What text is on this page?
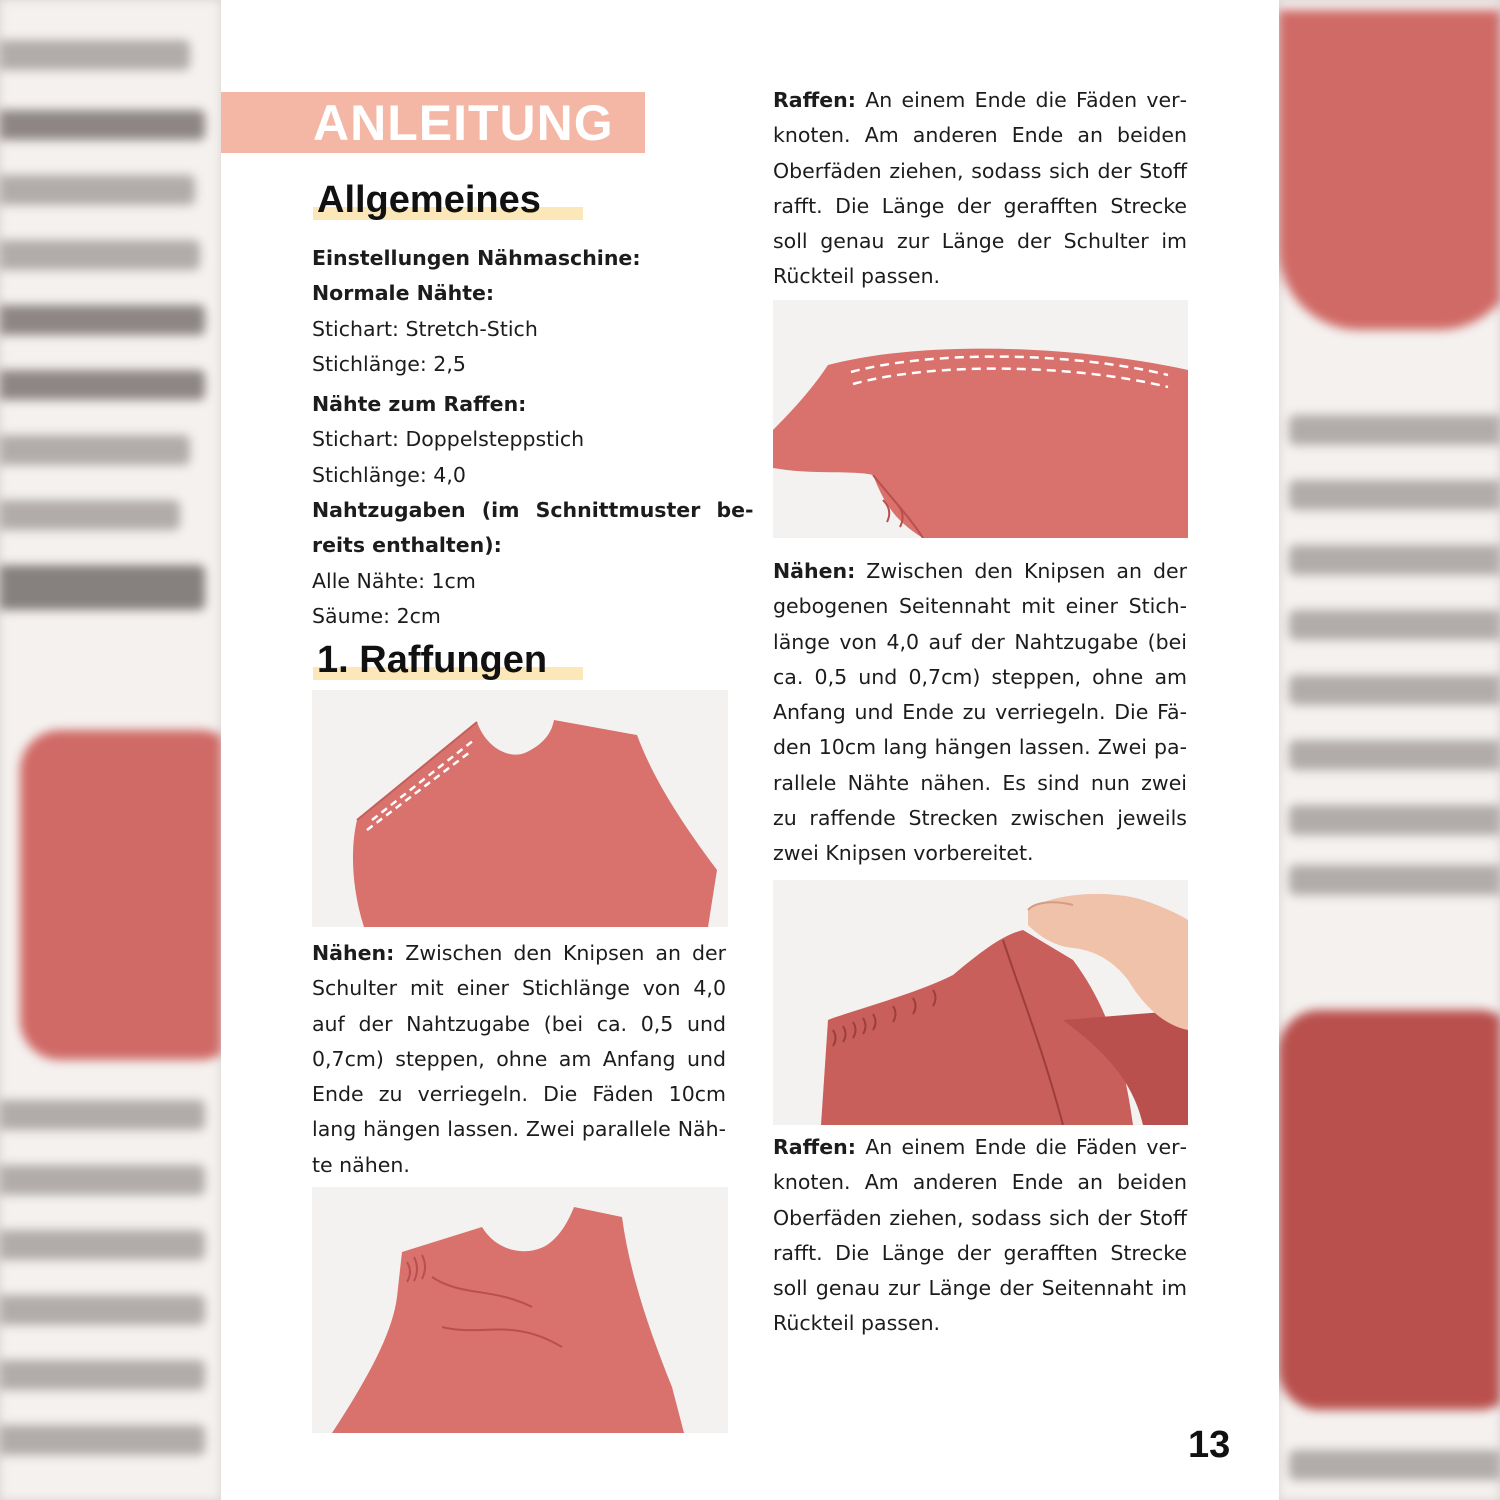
ANLEITUNG
Allgemeines
Einstellungen Nähmaschine:
Normale Nähte:
Stichart: Stretch-Stich
Stichlänge: 2,5
Nähte zum Raffen:
Stichart: Doppelsteppstich
Stichlänge: 4,0
Nahtzugaben (im Schnittmuster be-
reits enthalten):
Alle Nähte: 1cm
Säume: 2cm
1. Raffungen
Nähen: Zwischen den Knipsen an der Schulter mit einer Stichlänge von 4,0 auf der Nahtzugabe (bei ca. 0,5 und 0,7cm) steppen, ohne am Anfang und Ende zu verriegeln. Die Fäden 10cm lang hängen lassen. Zwei parallele Nähte nähen.
Raffen: An einem Ende die Fäden verknoten. Am anderen Ende an beiden Oberfäden ziehen, sodass sich der Stoff rafft. Die Länge der gerafften Strecke soll genau zur Länge der Schulter im Rückteil passen.
Nähen: Zwischen den Knipsen an der gebogenen Seitennaht mit einer Stichlänge von 4,0 auf der Nahtzugabe (bei ca. 0,5 und 0,7cm) steppen, ohne am Anfang und Ende zu verriegeln. Die Fäden 10cm lang hängen lassen. Zwei parallele Nähte nähen. Es sind nun zwei zu raffende Strecken zwischen jeweils zwei Knipsen vorbereitet.
Raffen: An einem Ende die Fäden verknoten. Am anderen Ende an beiden Oberfäden ziehen, sodass sich der Stoff rafft. Die Länge der gerafften Strecke soll genau zur Länge der Seitennaht im Rückteil passen.
13
